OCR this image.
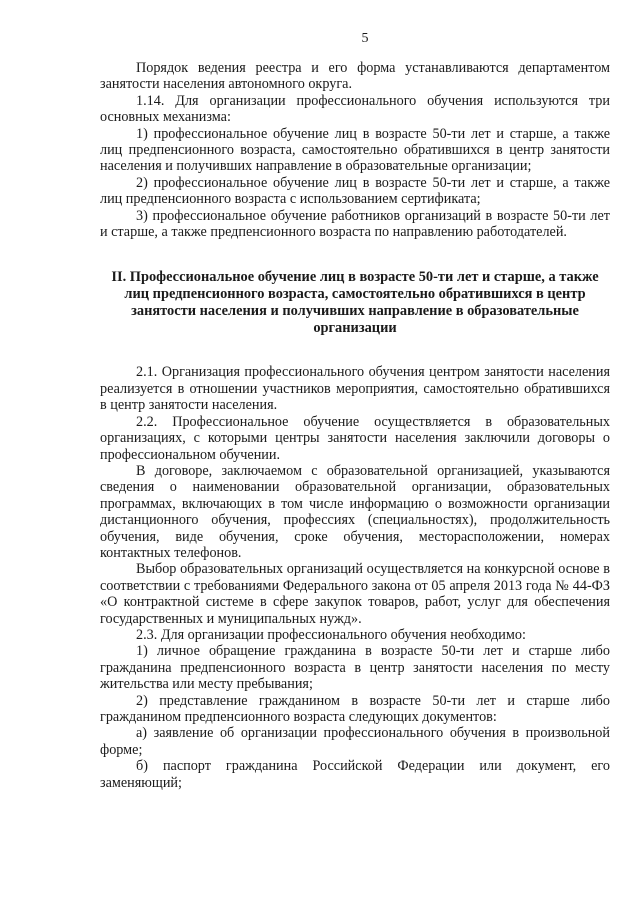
5

Порядок ведения реестра и его форма устанавливаются департаментом занятости населения автономного округа.

1.14. Для организации профессионального обучения используются три основных механизма:

1) профессиональное обучение лиц в возрасте 50-ти лет и старше, а также лиц предпенсионного возраста, самостоятельно обратившихся в центр занятости населения и получивших направление в образовательные организации;

2) профессиональное обучение лиц в возрасте 50-ти лет и старше, а также лиц предпенсионного возраста с использованием сертификата;

3) профессиональное обучение работников организаций в возрасте 50-ти лет и старше, а также предпенсионного возраста по направлению работодателей.

II. Профессиональное обучение лиц в возрасте 50-ти лет и старше, а также лиц предпенсионного возраста, самостоятельно обратившихся в центр занятости населения и получивших направление в образовательные организации

2.1. Организация профессионального обучения центром занятости населения реализуется в отношении участников мероприятия, самостоятельно обратившихся в центр занятости населения.

2.2. Профессиональное обучение осуществляется в образовательных организациях, с которыми центры занятости населения заключили договоры о профессиональном обучении.

В договоре, заключаемом с образовательной организацией, указываются сведения о наименовании образовательной организации, образовательных программах, включающих в том числе информацию о возможности организации дистанционного обучения, профессиях (специальностях), продолжительность обучения, виде обучения, сроке обучения, месторасположении, номерах контактных телефонов.

Выбор образовательных организаций осуществляется на конкурсной основе в соответствии с требованиями Федерального закона от 05 апреля 2013 года № 44-ФЗ «О контрактной системе в сфере закупок товаров, работ, услуг для обеспечения государственных и муниципальных нужд».

2.3. Для организации профессионального обучения необходимо:

1) личное обращение гражданина в возрасте 50-ти лет и старше либо гражданина предпенсионного возраста в центр занятости населения по месту жительства или месту пребывания;

2) представление гражданином в возрасте 50-ти лет и старше либо гражданином предпенсионного возраста следующих документов:

а) заявление об организации профессионального обучения в произвольной форме;

б) паспорт гражданина Российской Федерации или документ, его заменяющий;
